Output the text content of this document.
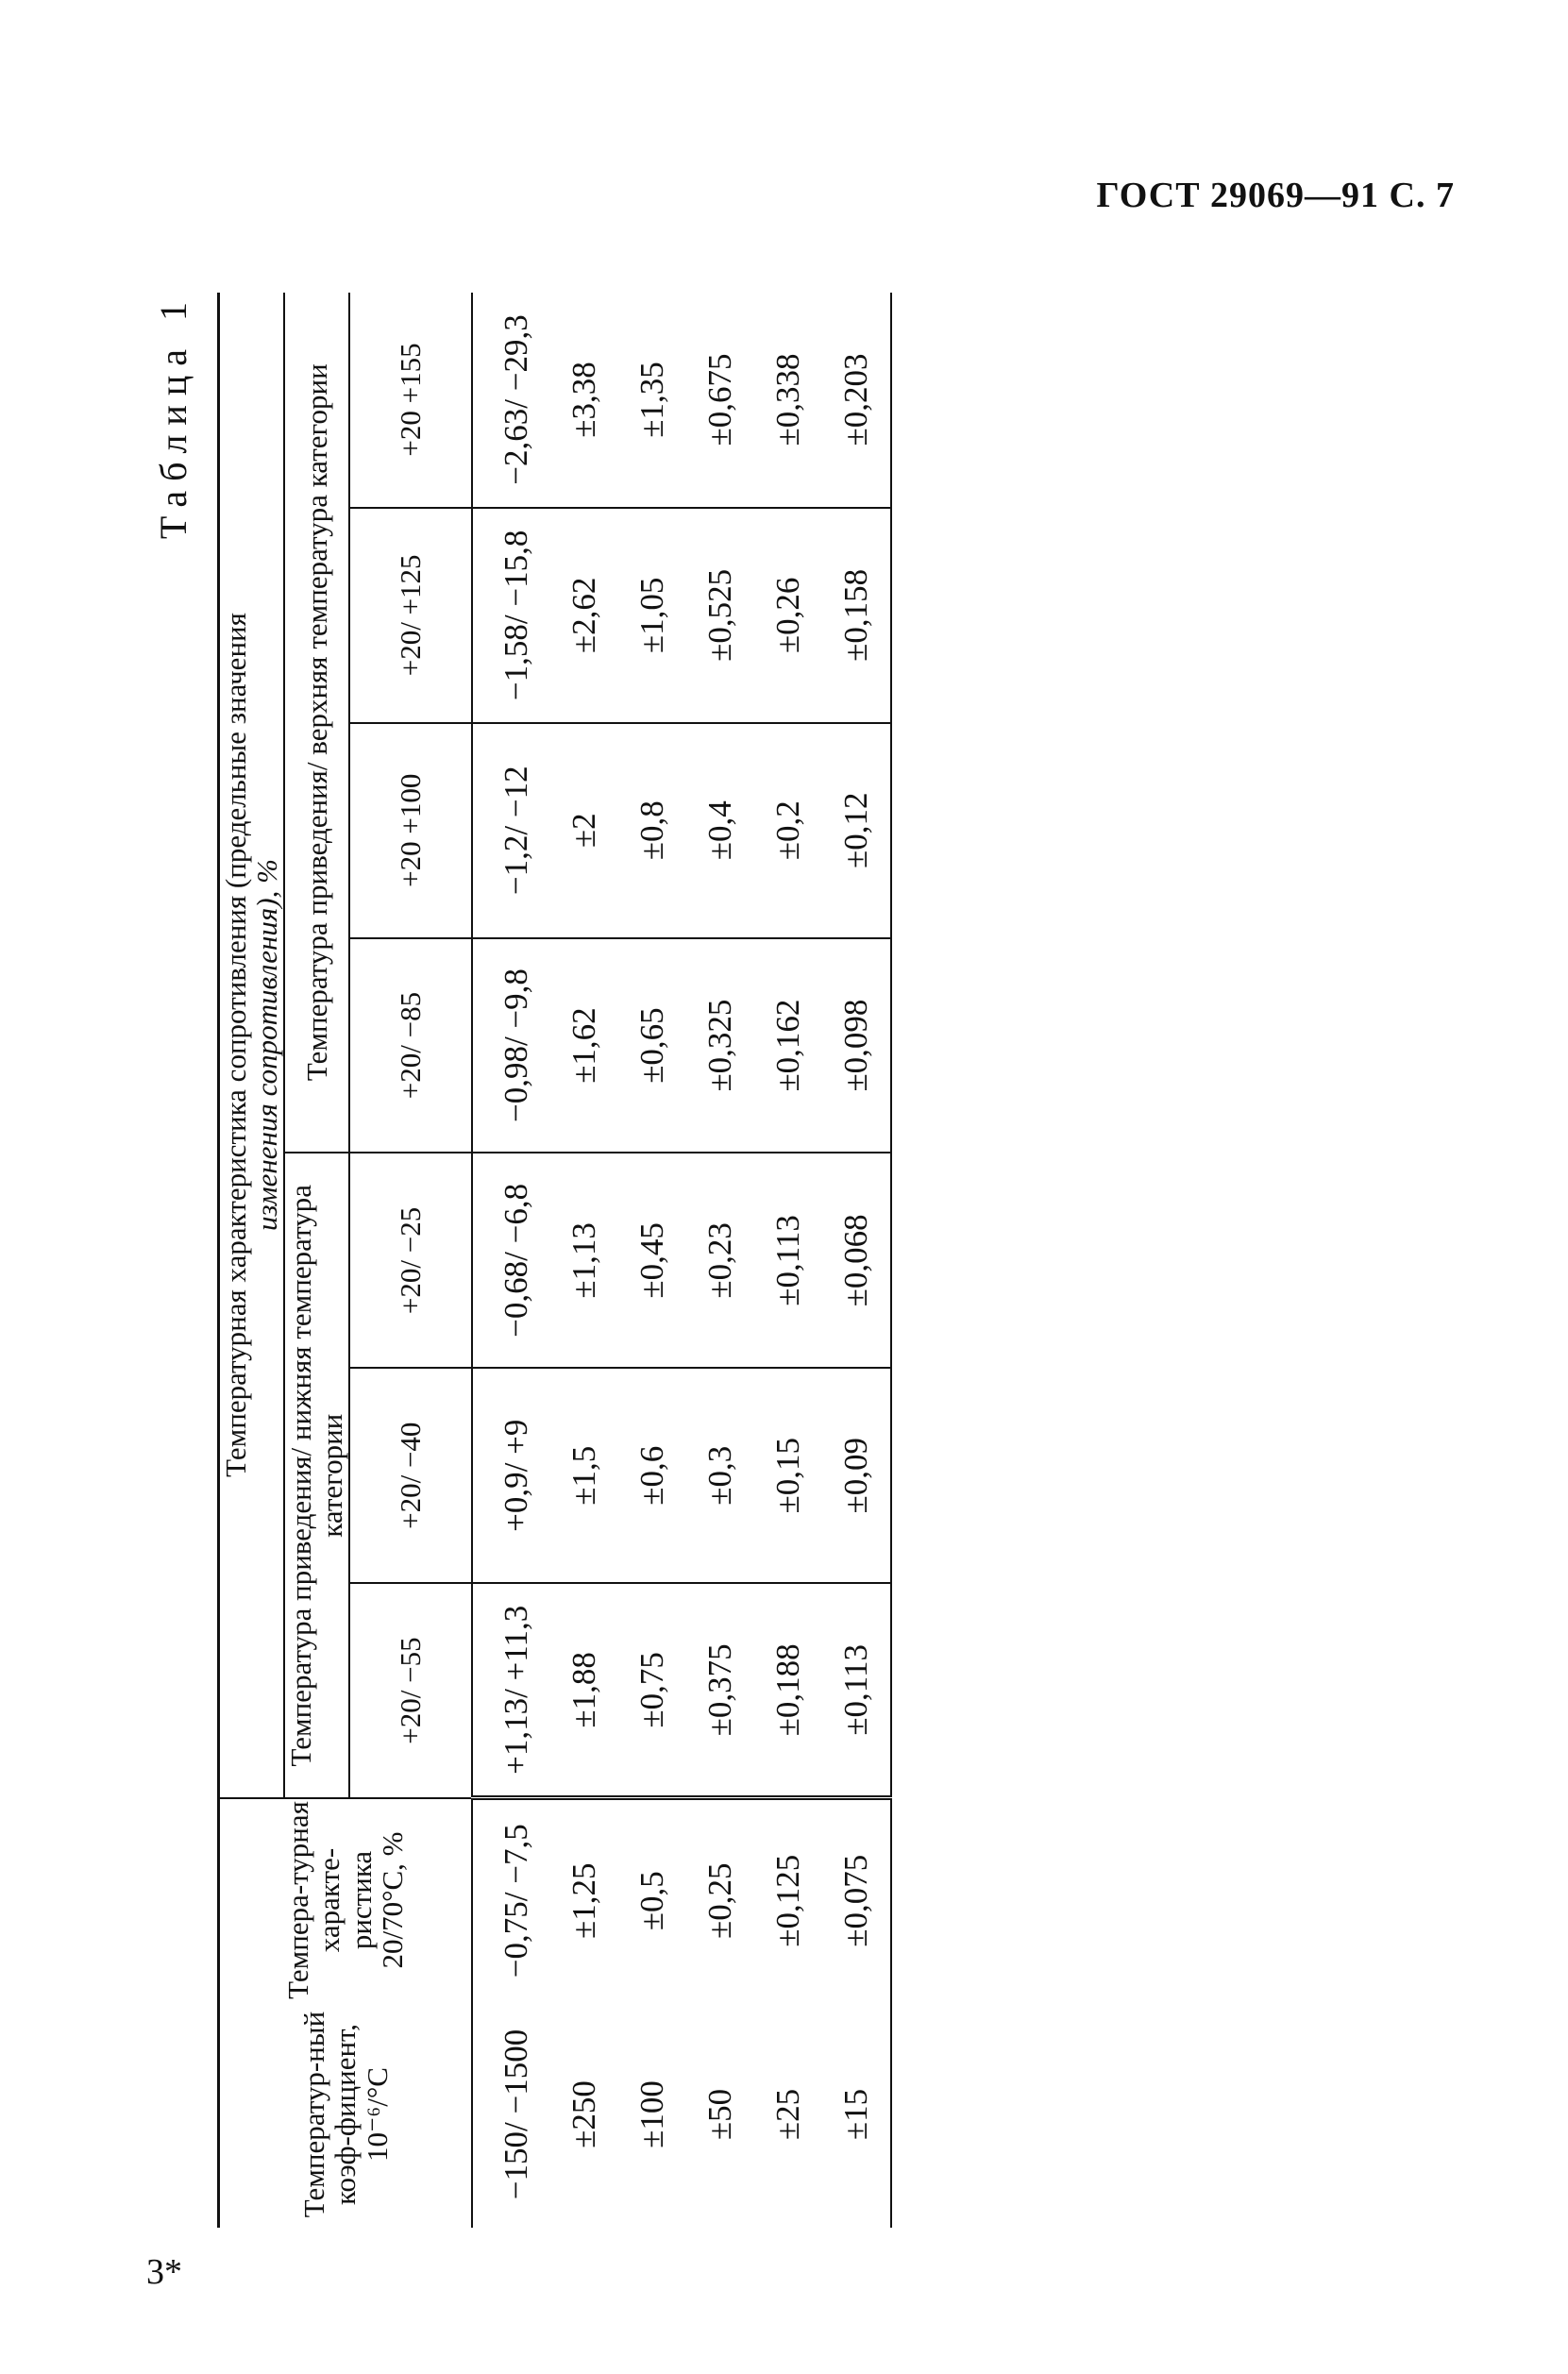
ГОСТ 29069—91 С. 7
3*
Таблица 1
Температур-ный коэф-фициент, 10⁻⁶/°С	Темпера-турная характе-ристика 20/70°С, %	Температурная характеристика сопротивления (предельные значения
изменения сопротивления), %						
		Температура приведения/ нижняя температура категории			Температура приведения/ верхняя температура категории			
		+20/ −55	+20/ −40	+20/ −25	+20/ −85	+20 +100	+20/ +125	+20 +155
−150/ −1500	−0,75/ −7,5	+1,13/ +11,3	+0,9/ +9	−0,68/ −6,8	−0,98/ −9,8	−1,2/ −12	−1,58/ −15,8	−2,63/ −29,3
±250	±1,25	±1,88	±1,5	±1,13	±1,62	±2	±2,62	±3,38
±100	±0,5	±0,75	±0,6	±0,45	±0,65	±0,8	±1,05	±1,35
±50	±0,25	±0,375	±0,3	±0,23	±0,325	±0,4	±0,525	±0,675
±25	±0,125	±0,188	±0,15	±0,113	±0,162	±0,2	±0,26	±0,338
±15	±0,075	±0,113	±0,09	±0,068	±0,098	±0,12	±0,158	±0,203
